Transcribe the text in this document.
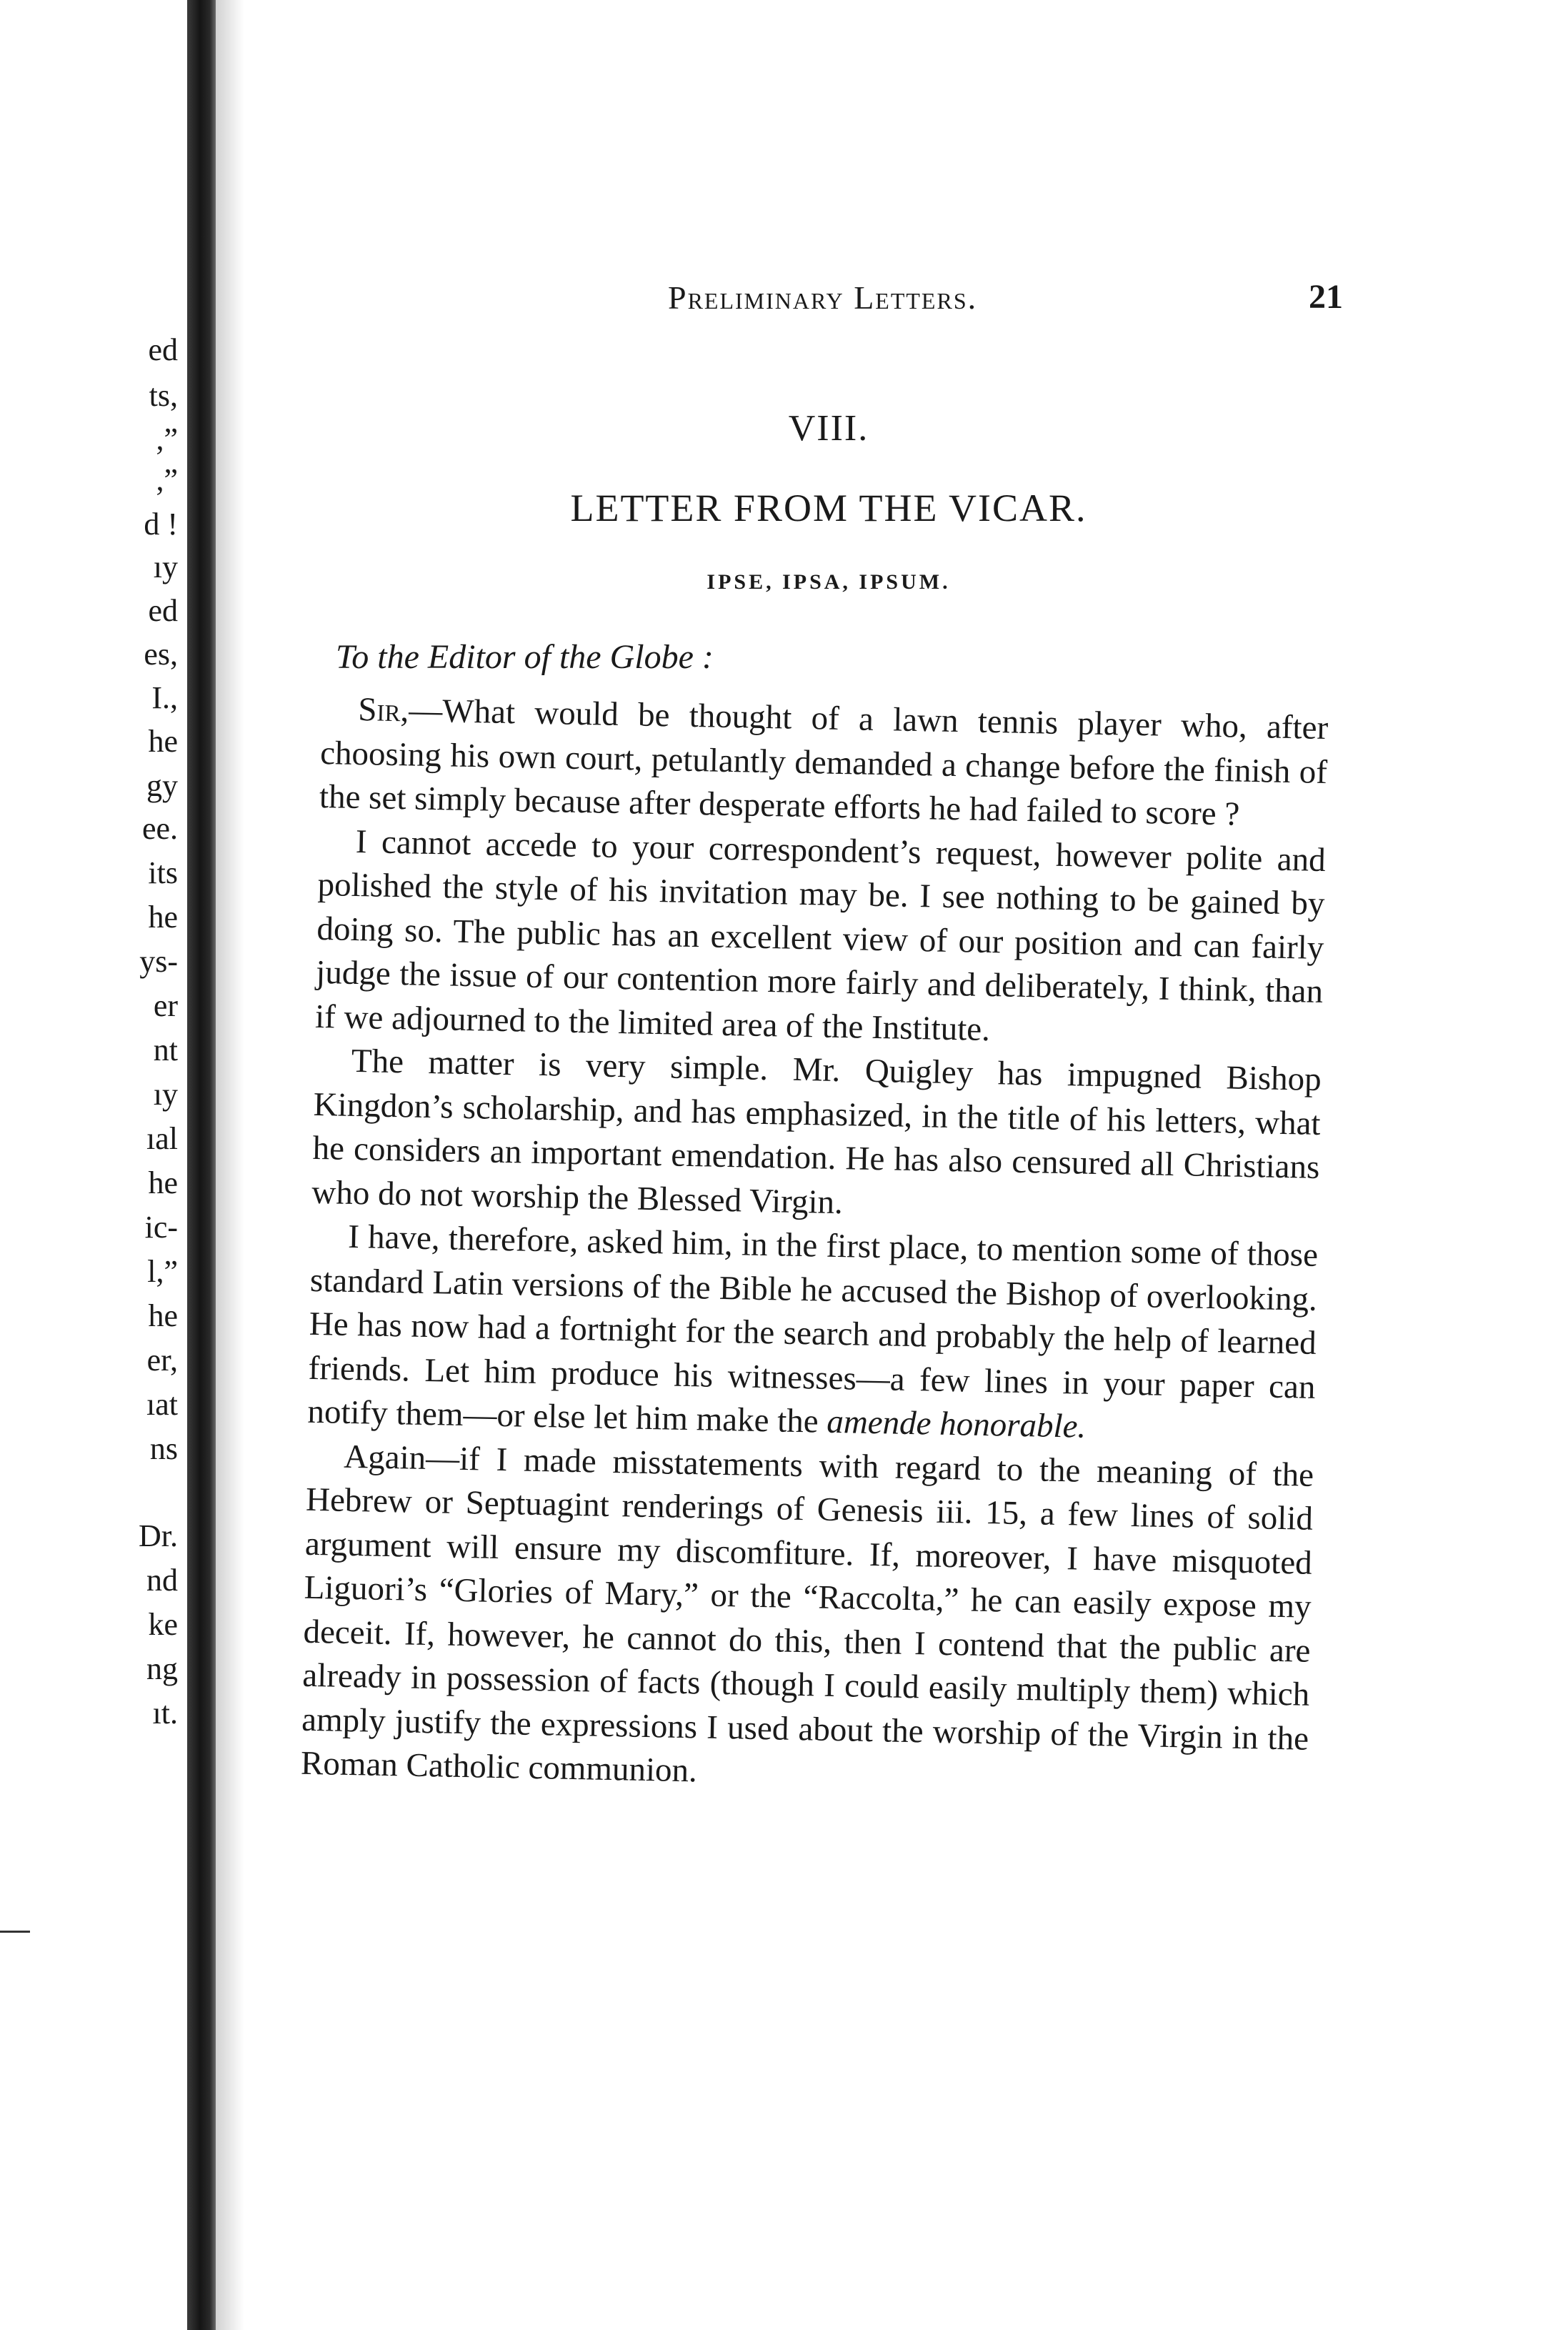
ed
ts,
,”
,”
d !
ıy
ed
es,
I.,
he
gy
ee.
its
he
ys-
er
nt
ıy
ıal
he
ic-
l,”
he
er,
ıat
ns
Dr.
nd
ke
ng
ıt.
Preliminary Letters.	21
VIII.
LETTER FROM THE VICAR.
IPSE, IPSA, IPSUM.
To the Editor of the Globe :

Sir,—What would be thought of a lawn tennis player who, after choosing his own court, petulantly demanded a change before the finish of the set simply because after desperate efforts he had failed to score ?

I cannot accede to your correspondent’s request, however polite and polished the style of his invitation may be. I see nothing to be gained by doing so. The public has an excellent view of our position and can fairly judge the issue of our contention more fairly and deliberately, I think, than if we adjourned to the limited area of the Institute.

The matter is very simple. Mr. Quigley has impugned Bishop Kingdon’s scholarship, and has emphasized, in the title of his letters, what he considers an important emendation. He has also censured all Christians who do not worship the Blessed Virgin.

I have, therefore, asked him, in the first place, to mention some of those standard Latin versions of the Bible he accused the Bishop of overlooking. He has now had a fortnight for the search and probably the help of learned friends. Let him produce his witnesses—a few lines in your paper can notify them—or else let him make the amende honorable.

Again—if I made misstatements with regard to the meaning of the Hebrew or Septuagint renderings of Genesis iii. 15, a few lines of solid argument will ensure my discomfiture. If, moreover, I have misquoted Liguori’s “Glories of Mary,” or the “Raccolta,” he can easily expose my deceit. If, however, he cannot do this, then I contend that the public are already in possession of facts (though I could easily multiply them) which amply justify the expressions I used about the worship of the Virgin in the Roman Catholic communion.
